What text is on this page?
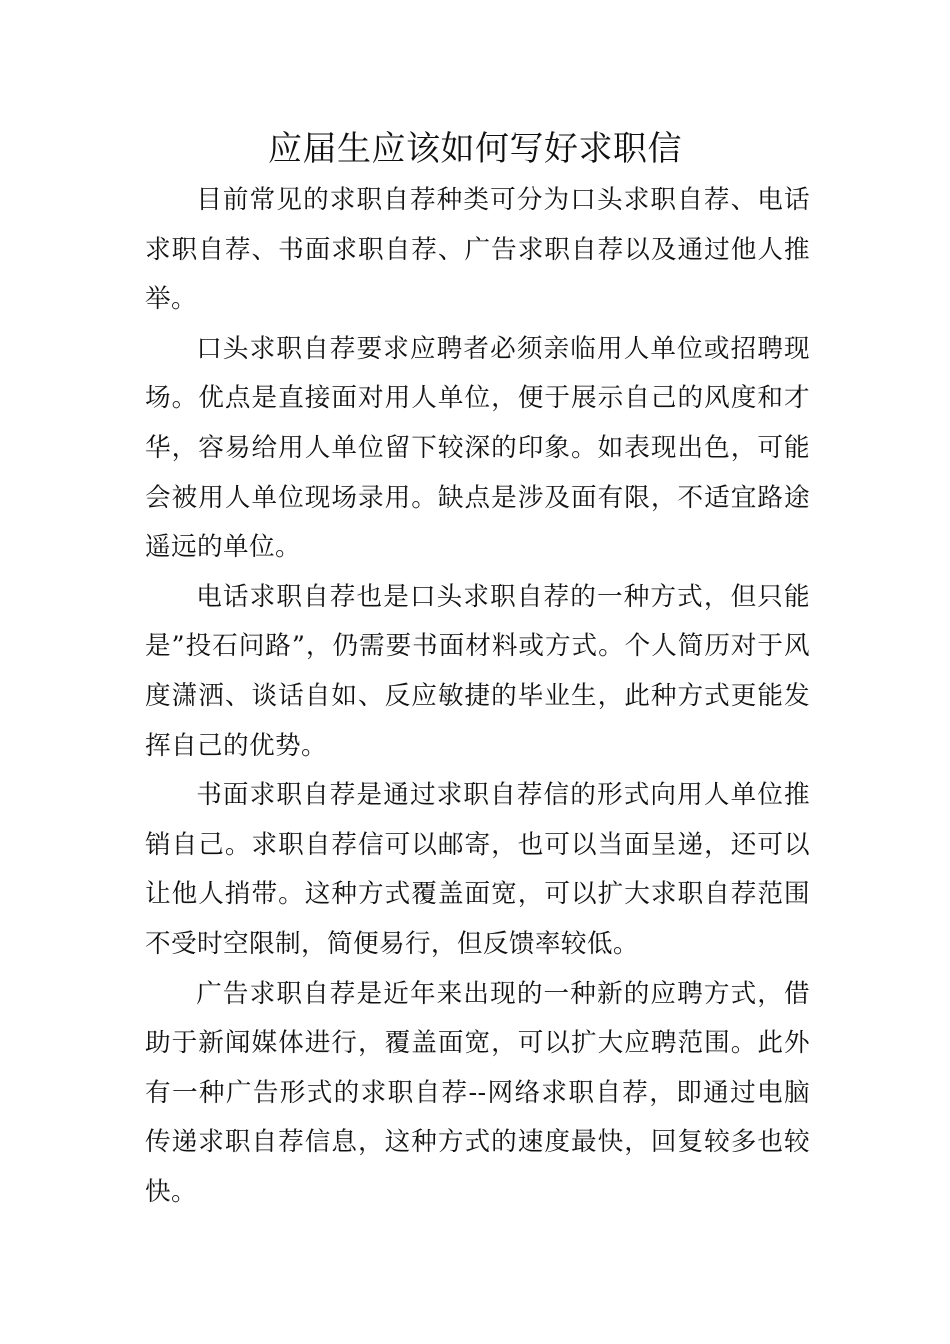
应届生应该如何写好求职信

目前常见的求职自荐种类可分为口头求职自荐、电话求职自荐、书面求职自荐、广告求职自荐以及通过他人推举。

口头求职自荐要求应聘者必须亲临用人单位或招聘现场。优点是直接面对用人单位，便于展示自己的风度和才华，容易给用人单位留下较深的印象。如表现出色，可能会被用人单位现场录用。缺点是涉及面有限，不适宜路途遥远的单位。

电话求职自荐也是口头求职自荐的一种方式，但只能是”投石问路”，仍需要书面材料或方式。个人简历对于风度潇洒、谈话自如、反应敏捷的毕业生，此种方式更能发挥自己的优势。

书面求职自荐是通过求职自荐信的形式向用人单位推销自己。求职自荐信可以邮寄，也可以当面呈递，还可以让他人捎带。这种方式覆盖面宽，可以扩大求职自荐范围不受时空限制，简便易行，但反馈率较低。

广告求职自荐是近年来出现的一种新的应聘方式，借助于新闻媒体进行，覆盖面宽，可以扩大应聘范围。此外有一种广告形式的求职自荐--网络求职自荐，即通过电脑传递求职自荐信息，这种方式的速度最快，回复较多也较快。
